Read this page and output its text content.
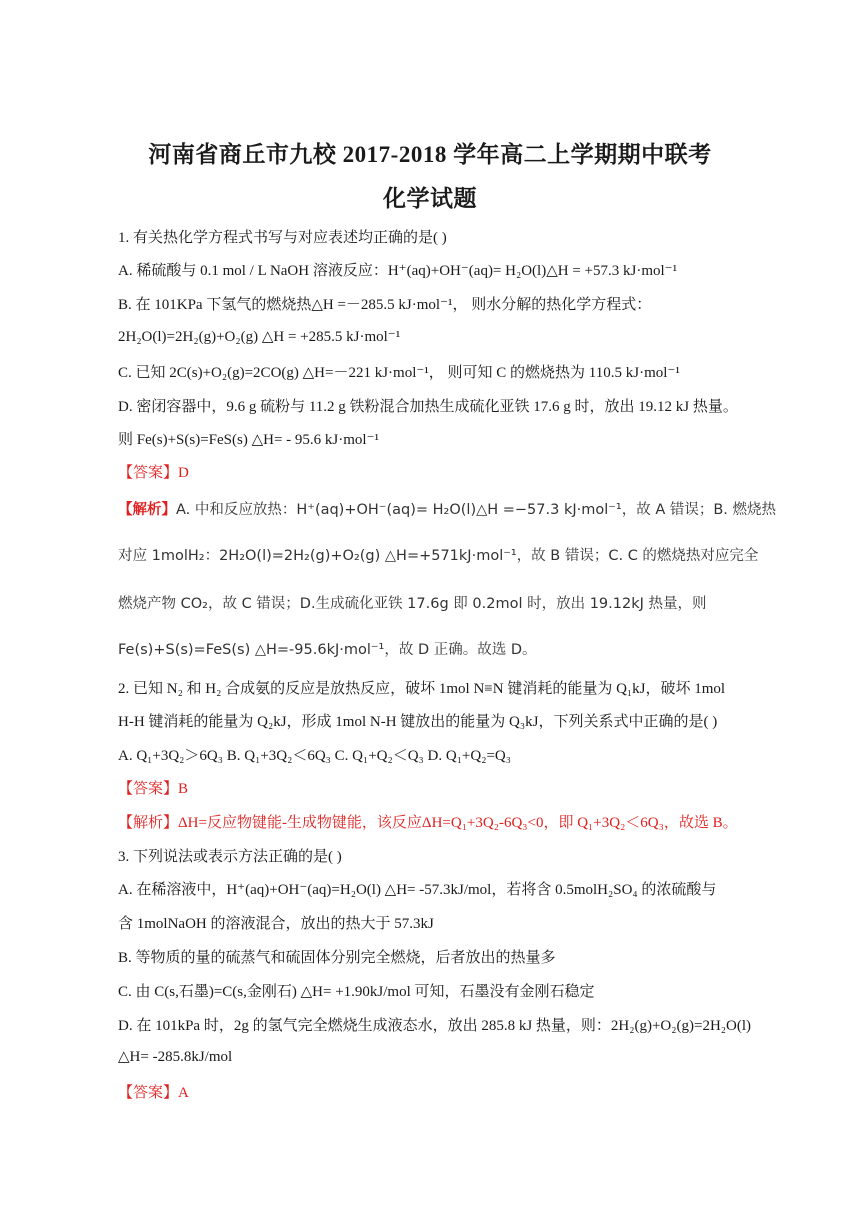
河南省商丘市九校 2017-2018 学年高二上学期期中联考
化学试题
1. 有关热化学方程式书写与对应表述均正确的是( )
A. 稀硫酸与 0.1 mol / L NaOH 溶液反应：H⁺(aq)+OH⁻(aq)= H₂O(l)△H = +57.3 kJ·mol⁻¹
B. 在 101KPa 下氢气的燃烧热△H =－285.5 kJ·mol⁻¹， 则水分解的热化学方程式：
2H₂O(l)=2H₂(g)+O₂(g) △H = +285.5 kJ·mol⁻¹
C. 已知 2C(s)+O₂(g)=2CO(g) △H=－221 kJ·mol⁻¹， 则可知 C 的燃烧热为 110.5 kJ·mol⁻¹
D. 密闭容器中，9.6 g 硫粉与 11.2 g 铁粉混合加热生成硫化亚铁 17.6 g 时，放出 19.12 kJ 热量。
则 Fe(s)+S(s)=FeS(s) △H= - 95.6 kJ·mol⁻¹
【答案】D
【解析】A. 中和反应放热：H⁺(aq)+OH⁻(aq)= H₂O(l)△H =−57.3 kJ·mol⁻¹，故 A 错误；B. 燃烧热
对应 1molH₂：2H₂O(l)=2H₂(g)+O₂(g) △H=+571kJ·mol⁻¹，故 B 错误；C. C 的燃烧热对应完全
燃烧产物 CO₂，故 C 错误；D.生成硫化亚铁 17.6g 即 0.2mol 时，放出 19.12kJ 热量，则
Fe(s)+S(s)=FeS(s) △H=-95.6kJ·mol⁻¹，故 D 正确。故选 D。
2. 已知 N₂ 和 H₂ 合成氨的反应是放热反应，破坏 1mol N≡N 键消耗的能量为 Q₁kJ，破坏 1mol
H-H 键消耗的能量为 Q₂kJ，形成 1mol N-H 键放出的能量为 Q₃kJ，下列关系式中正确的是( )
A. Q₁+3Q₂＞6Q₃ B. Q₁+3Q₂＜6Q₃ C. Q₁+Q₂＜Q₃ D. Q₁+Q₂=Q₃
【答案】B
【解析】ΔH=反应物键能-生成物键能，该反应ΔH=Q₁+3Q₂-6Q₃<0，即 Q₁+3Q₂＜6Q₃，故选 B。
3. 下列说法或表示方法正确的是( )
A. 在稀溶液中，H⁺(aq)+OH⁻(aq)=H₂O(l) △H= -57.3kJ/mol，若将含 0.5molH₂SO₄ 的浓硫酸与
含 1molNaOH 的溶液混合，放出的热大于 57.3kJ
B. 等物质的量的硫蒸气和硫固体分别完全燃烧，后者放出的热量多
C. 由 C(s,石墨)=C(s,金刚石) △H= +1.90kJ/mol 可知，石墨没有金刚石稳定
D. 在 101kPa 时，2g 的氢气完全燃烧生成液态水，放出 285.8 kJ 热量，则：2H₂(g)+O₂(g)=2H₂O(l)
△H= -285.8kJ/mol
【答案】A
